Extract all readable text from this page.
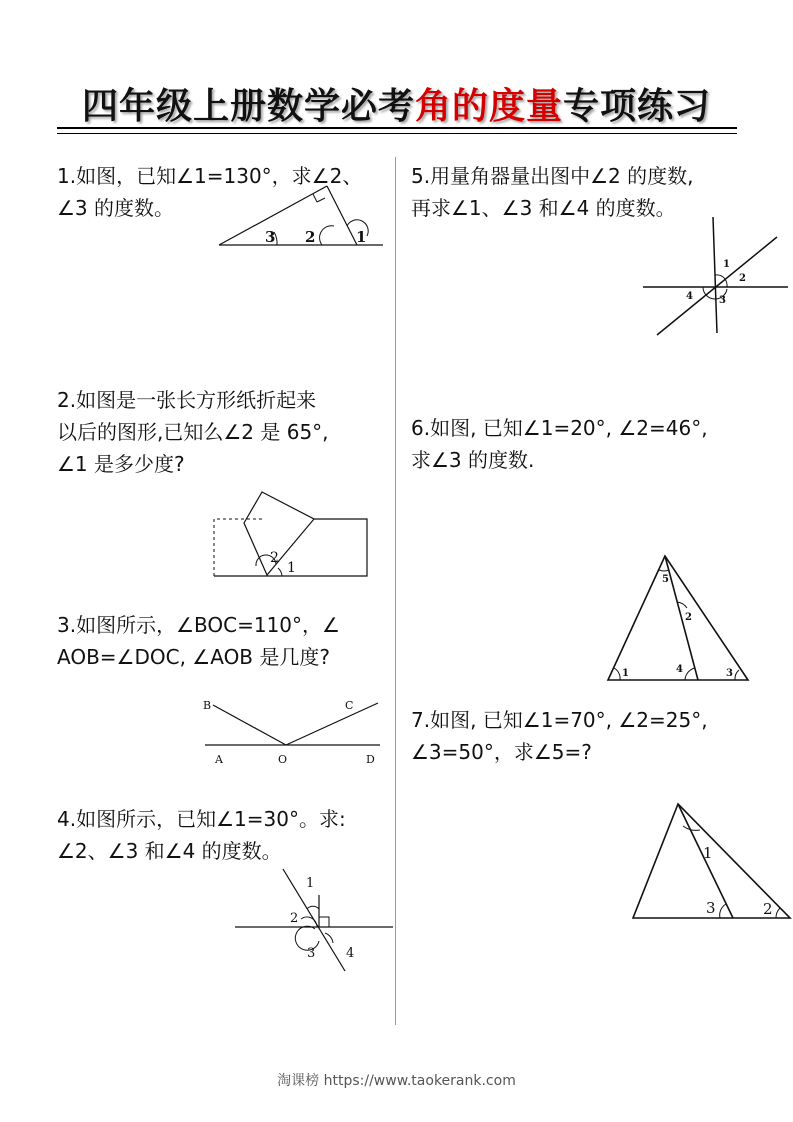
四年级上册数学必考角的度量专项练习
1.如图，已知∠1=130°，求∠2、
∠3 的度数。
3 2	1
2.如图是一张长方形纸折起来
以后的图形,已知么∠2 是 65°,
∠1 是多少度?
2
1
3.如图所示，∠BOC=110°，∠
AOB=∠DOC, ∠AOB 是几度?
B	C
A	O	D
4.如图所示，已知∠1=30°。求:
∠2、∠3 和∠4 的度数。
1
2
3 4
5.用量角器量出图中∠2 的度数,
再求∠1、∠3 和∠4 的度数。
1
2
4	3
6.如图, 已知∠1=20°, ∠2=46°,
求∠3 的度数.
5
2
1	4	3
7.如图, 已知∠1=70°, ∠2=25°,
∠3=50°，求∠5=?
1
3	2
淘课榜 https://www.taokerank.com
